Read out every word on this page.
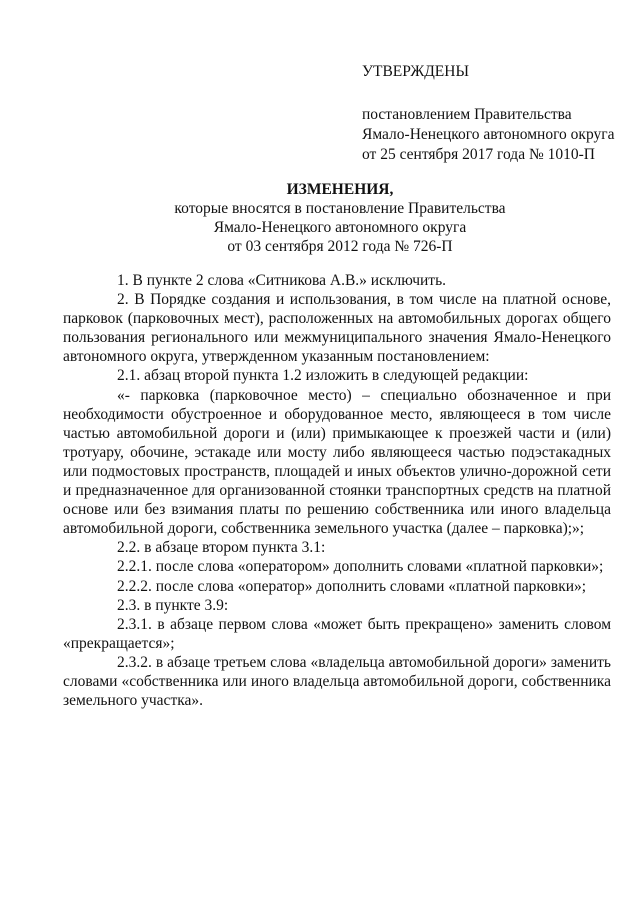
УТВЕРЖДЕНЫ

постановлением Правительства

Ямало-Ненецкого автономного округа

от 25 сентября 2017 года № 1010-П

ИЗМЕНЕНИЯ,

которые вносятся в постановление Правительства

Ямало-Ненецкого автономного округа

от 03 сентября 2012 года № 726-П

1. В пункте 2 слова «Ситникова А.В.» исключить.

2. В Порядке создания и использования, в том числе на платной основе, парковок (парковочных мест), расположенных на автомобильных дорогах общего пользования регионального или межмуниципального значения Ямало-Ненецкого автономного округа, утвержденном указанным постановлением:

2.1. абзац второй пункта 1.2 изложить в следующей редакции:

«- парковка (парковочное место) – специально обозначенное и при необходимости обустроенное и оборудованное место, являющееся в том числе частью автомобильной дороги и (или) примыкающее к проезжей части и (или) тротуару, обочине, эстакаде или мосту либо являющееся частью подэстакадных или подмостовых пространств, площадей и иных объектов улично-дорожной сети и предназначенное для организованной стоянки транспортных средств на платной основе или без взимания платы по решению собственника или иного владельца автомобильной дороги, собственника земельного участка (далее – парковка);»;

2.2. в абзаце втором пункта 3.1:

2.2.1. после слова «оператором» дополнить словами «платной парковки»;

2.2.2. после слова «оператор» дополнить словами «платной парковки»;

2.3. в пункте 3.9:

2.3.1. в абзаце первом слова «может быть прекращено» заменить словом «прекращается»;

2.3.2. в абзаце третьем слова «владельца автомобильной дороги» заменить словами «собственника или иного владельца автомобильной дороги, собственника земельного участка».
